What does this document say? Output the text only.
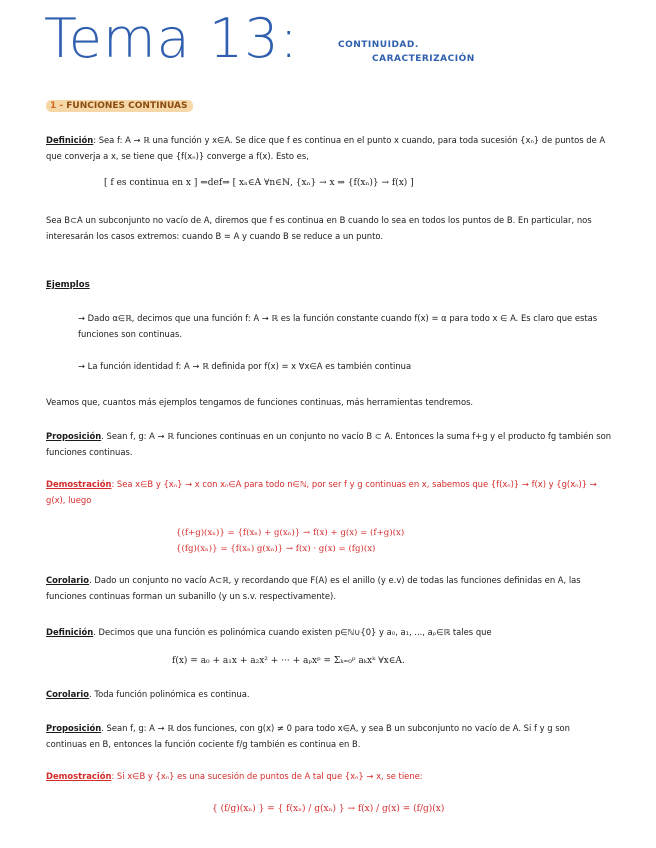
Tema 13:	CONTINUIDAD.
CARACTERIZACIÓN
1 - FUNCIONES CONTINUAS
Definición: Sea f: A → ℝ una función y x∈A. Se dice que f es continua en el punto x cuando, para toda sucesión {xₙ} de puntos de A que converja a x, se tiene que {f(xₙ)} converge a f(x). Esto es,
[ f es continua en x ] ⇐def⇒ [ xₙ∈A ∀n∈ℕ, {xₙ} → x ⇒ {f(xₙ)} → f(x) ]
Sea B⊂A un subconjunto no vacío de A, diremos que f es continua en B cuando lo sea en todos los puntos de B. En particular, nos interesarán los casos extremos: cuando B = A y cuando B se reduce a un punto.
Ejemplos
→ Dado α∈ℝ, decimos que una función f: A → ℝ es la función constante cuando f(x) = α para todo x ∈ A. Es claro que estas funciones son continuas.
→ La función identidad f: A → ℝ definida por f(x) = x ∀x∈A es también continua
Veamos que, cuantos más ejemplos tengamos de funciones continuas, más herramientas tendremos.
Proposición. Sean f, g: A → ℝ funciones continuas en un conjunto no vacío B ⊂ A. Entonces la suma f+g y el producto fg también son funciones continuas.
Demostración: Sea x∈B y {xₙ} → x con xₙ∈A para todo n∈ℕ, por ser f y g continuas en x, sabemos que {f(xₙ)} → f(x) y {g(xₙ)} → g(x), luego
{(f+g)(xₙ)} = {f(xₙ) + g(xₙ)} → f(x) + g(x) = (f+g)(x)
{(fg)(xₙ)} = {f(xₙ) g(xₙ)} → f(x) · g(x) = (fg)(x)
Corolario. Dado un conjunto no vacío A⊂ℝ, y recordando que F(A) es el anillo (y e.v) de todas las funciones definidas en A, las funciones continuas forman un subanillo (y un s.v. respectivamente).
Definición. Decimos que una función es polinómica cuando existen p∈ℕ∪{0} y a₀, a₁, ..., aₚ∈ℝ tales que
f(x) = a₀ + a₁x + a₂x² + ··· + aₚxᵖ = Σₖ₌₀ᵖ aₖxᵏ ∀x∈A.
Corolario. Toda función polinómica es continua.
Proposición. Sean f, g: A → ℝ dos funciones, con g(x) ≠ 0 para todo x∈A, y sea B un subconjunto no vacío de A. Si f y g son continuas en B, entonces la función cociente f/g también es continua en B.
Demostración: Si x∈B y {xₙ} es una sucesión de puntos de A tal que {xₙ} → x, se tiene:
{ (f/g)(xₙ) } = { f(xₙ) / g(xₙ) } → f(x) / g(x) = (f/g)(x)
